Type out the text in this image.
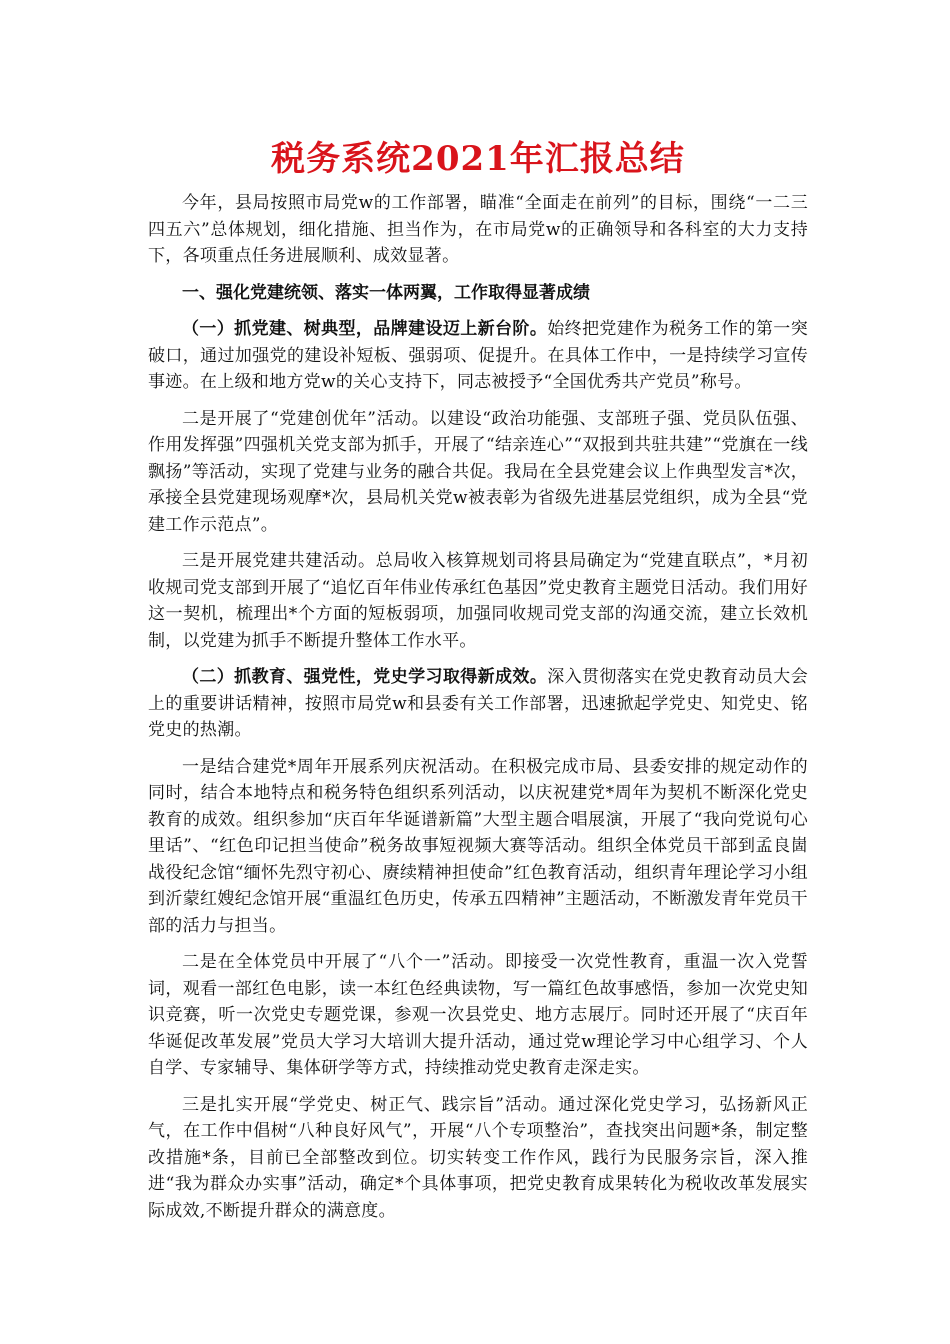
税务系统2021年汇报总结

今年，县局按照市局党w的工作部署，瞄准“全面走在前列”的目标，围绕“一二三四五六”总体规划，细化措施、担当作为，在市局党w的正确领导和各科室的大力支持下，各项重点任务进展顺利、成效显著。

一、强化党建统领、落实一体两翼，工作取得显著成绩

（一）抓党建、树典型，品牌建设迈上新台阶。始终把党建作为税务工作的第一突破口，通过加强党的建设补短板、强弱项、促提升。在具体工作中，一是持续学习宣传事迹。在上级和地方党w的关心支持下，同志被授予“全国优秀共产党员”称号。

二是开展了“党建创优年”活动。以建设“政治功能强、支部班子强、党员队伍强、作用发挥强”四强机关党支部为抓手，开展了“结亲连心”“双报到共驻共建”“党旗在一线飘扬”等活动，实现了党建与业务的融合共促。我局在全县党建会议上作典型发言*次，承接全县党建现场观摩*次，县局机关党w被表彰为省级先进基层党组织，成为全县“党建工作示范点”。

三是开展党建共建活动。总局收入核算规划司将县局确定为“党建直联点”，*月初收规司党支部到开展了“追忆百年伟业传承红色基因”党史教育主题党日活动。我们用好这一契机，梳理出*个方面的短板弱项，加强同收规司党支部的沟通交流，建立长效机制，以党建为抓手不断提升整体工作水平。

（二）抓教育、强党性，党史学习取得新成效。深入贯彻落实在党史教育动员大会上的重要讲话精神，按照市局党w和县委有关工作部署，迅速掀起学党史、知党史、铭党史的热潮。

一是结合建党*周年开展系列庆祝活动。在积极完成市局、县委安排的规定动作的同时，结合本地特点和税务特色组织系列活动，以庆祝建党*周年为契机不断深化党史教育的成效。组织参加“庆百年华诞谱新篇”大型主题合唱展演，开展了“我向党说句心里话”、“红色印记担当使命”税务故事短视频大赛等活动。组织全体党员干部到孟良崮战役纪念馆“缅怀先烈守初心、赓续精神担使命”红色教育活动，组织青年理论学习小组到沂蒙红嫂纪念馆开展“重温红色历史，传承五四精神”主题活动，不断激发青年党员干部的活力与担当。

二是在全体党员中开展了“八个一”活动。即接受一次党性教育，重温一次入党誓词，观看一部红色电影，读一本红色经典读物，写一篇红色故事感悟，参加一次党史知识竞赛，听一次党史专题党课，参观一次县党史、地方志展厅。同时还开展了“庆百年华诞促改革发展”党员大学习大培训大提升活动，通过党w理论学习中心组学习、个人自学、专家辅导、集体研学等方式，持续推动党史教育走深走实。

三是扎实开展“学党史、树正气、践宗旨”活动。通过深化党史学习，弘扬新风正气，在工作中倡树“八种良好风气”，开展“八个专项整治”，查找突出问题*条，制定整改措施*条，目前已全部整改到位。切实转变工作作风，践行为民服务宗旨，深入推进“我为群众办实事”活动，确定*个具体事项，把党史教育成果转化为税收改革发展实际成效,不断提升群众的满意度。
